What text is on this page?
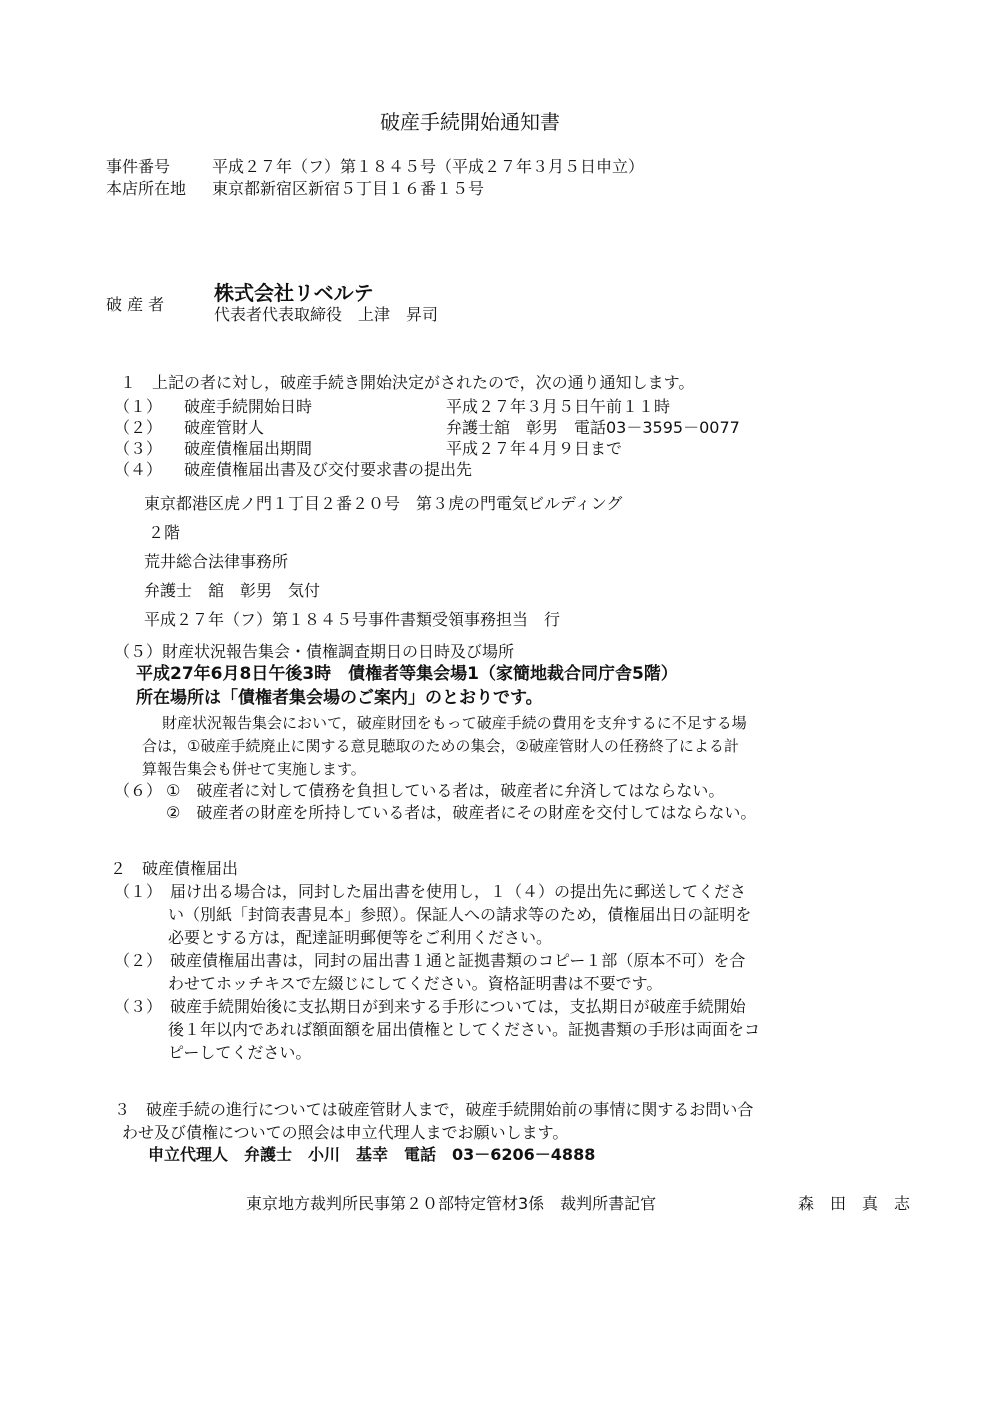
破産手続開始通知書
事件番号	平成２７年（フ）第１８４５号（平成２７年３月５日申立）
本店所在地 東京都新宿区新宿５丁目１６番１５号
破 産 者 株式会社リベルテ
代表者代表取締役　上津　昇司
１　上記の者に対し，破産手続き開始決定がされたので，次の通り通知します。
（１） 破産手続開始日時	平成２７年３月５日午前１１時
（２） 破産管財人	弁護士舘　彰男　電話03－3595－0077
（３） 破産債権届出期間	平成２７年４月９日まで
（４） 破産債権届出書及び交付要求書の提出先
東京都港区虎ノ門１丁目２番２０号　第３虎の門電気ビルディング
２階
荒井総合法律事務所
弁護士　舘　彰男　気付
平成２７年（フ）第１８４５号事件書類受領事務担当　行
（５）財産状況報告集会・債権調査期日の日時及び場所
平成27年6月8日午後3時　債権者等集会場1（家簡地裁合同庁舎5階）
所在場所は「債権者集会場のご案内」のとおりです。
財産状況報告集会において，破産財団をもって破産手続の費用を支弁するに不足する場
合は，①破産手続廃止に関する意見聴取のための集会，②破産管財人の任務終了による計
算報告集会も併せて実施します。
（６） ①　破産者に対して債務を負担している者は，破産者に弁済してはならない。
②　破産者の財産を所持している者は，破産者にその財産を交付してはならない。
２　破産債権届出
（１）　届け出る場合は，同封した届出書を使用し，１（４）の提出先に郵送してくださ
い（別紙「封筒表書見本」参照）。保証人への請求等のため，債権届出日の証明を
必要とする方は，配達証明郵便等をご利用ください。
（２）　破産債権届出書は，同封の届出書１通と証拠書類のコピー１部（原本不可）を合
わせてホッチキスで左綴じにしてください。資格証明書は不要です。
（３）　破産手続開始後に支払期日が到来する手形については，支払期日が破産手続開始
後１年以内であれば額面額を届出債権としてください。証拠書類の手形は両面をコ
ピーしてください。
３　破産手続の進行については破産管財人まで，破産手続開始前の事情に関するお問い合
わせ及び債権についての照会は申立代理人までお願いします。
申立代理人　弁護士　小川　基幸　電話　03－6206－4888
東京地方裁判所民事第２０部特定管材3係　裁判所書記官	森　田　真　志
